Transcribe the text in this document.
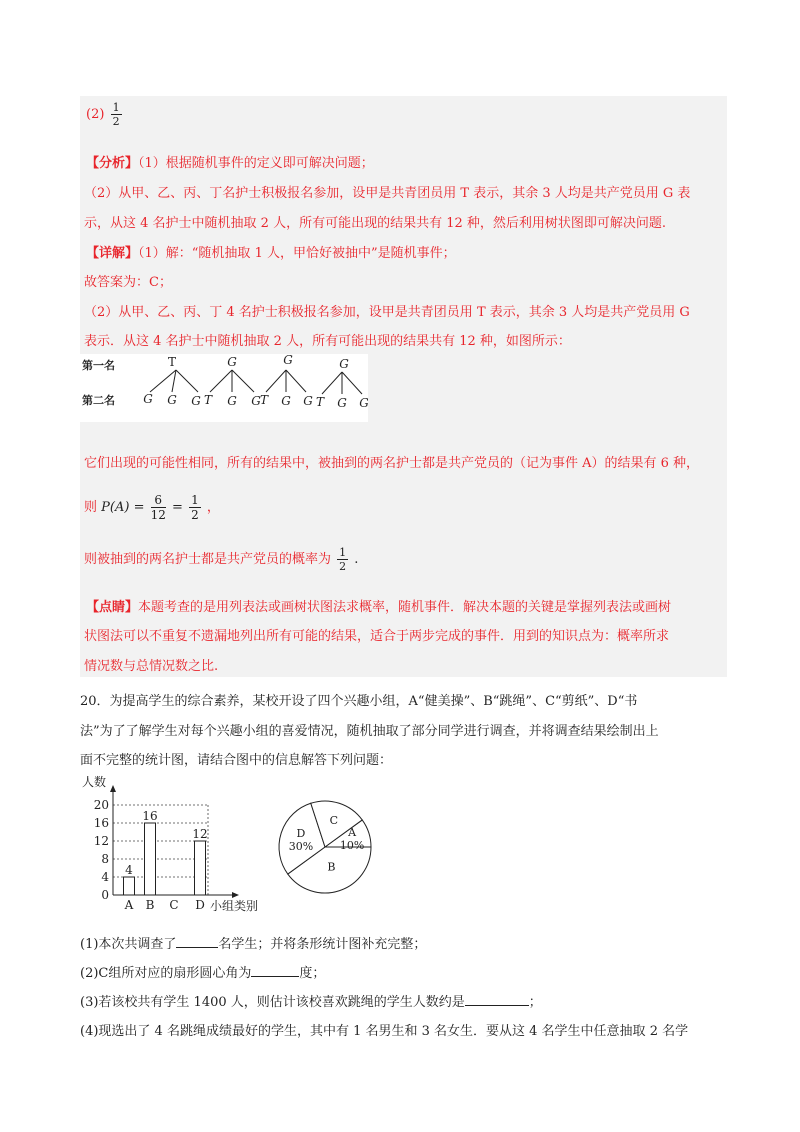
$(2) \frac{1}{2}$
【分析】（1）根据随机事件的定义即可解决问题；
（2）从甲、乙、丙、丁名护士积极报名参加，设甲是共青团员用 T 表示，其余 3 人均是共产党员用 G 表
示，从这 4 名护士中随机抽取 2 人，所有可能出现的结果共有 12 种，然后利用树状图即可解决问题.
【详解】（1）解：“随机抽取 1 人，甲恰好被抽中”是随机事件；
故答案为：C；
（2）从甲、乙、丙、丁 4 名护士积极报名参加，设甲是共青团员用 T 表示，其余 3 人均是共产党员用 G
表示．从这 4 名护士中随机抽取 2 人，所有可能出现的结果共有 12 种，如图所示：
第一名
第二名
T
G G G
G
T G G
G
T G G
G
T G G
它们出现的可能性相同，所有的结果中，被抽到的两名护士都是共产党员的（记为事件 A）的结果有 6 种，
则 $P(A) = \frac{6}{12} = \frac{1}{2}$ ，
则被抽到的两名护士都是共产党员的概率为 $\frac{1}{2}$ .
【点睛】本题考查的是用列表法或画树状图法求概率，随机事件．解决本题的关键是掌握列表法或画树
状图法可以不重复不遗漏地列出所有可能的结果，适合于两步完成的事件．用到的知识点为：概率所求
情况数与总情况数之比.
20．为提高学生的综合素养，某校开设了四个兴趣小组，A“健美操”、B“跳绳”、C“剪纸”、D“书
法”为了了解学生对每个兴趣小组的喜爱情况，随机抽取了部分同学进行调查，并将调查结果绘制出上
面不完整的统计图，请结合图中的信息解答下列问题：
人数
小组类别
4
16
12
0
4
8
12
16
20
A B C D
A
10%
B
D
30%
C
(1)本次共调查了	名学生；并将条形统计图补充完整；
(2)C组所对应的扇形圆心角为	度；
(3)若该校共有学生 1400 人，则估计该校喜欢跳绳的学生人数约是	；
(4)现选出了 4 名跳绳成绩最好的学生，其中有 1 名男生和 3 名女生．要从这 4 名学生中任意抽取 2 名学
